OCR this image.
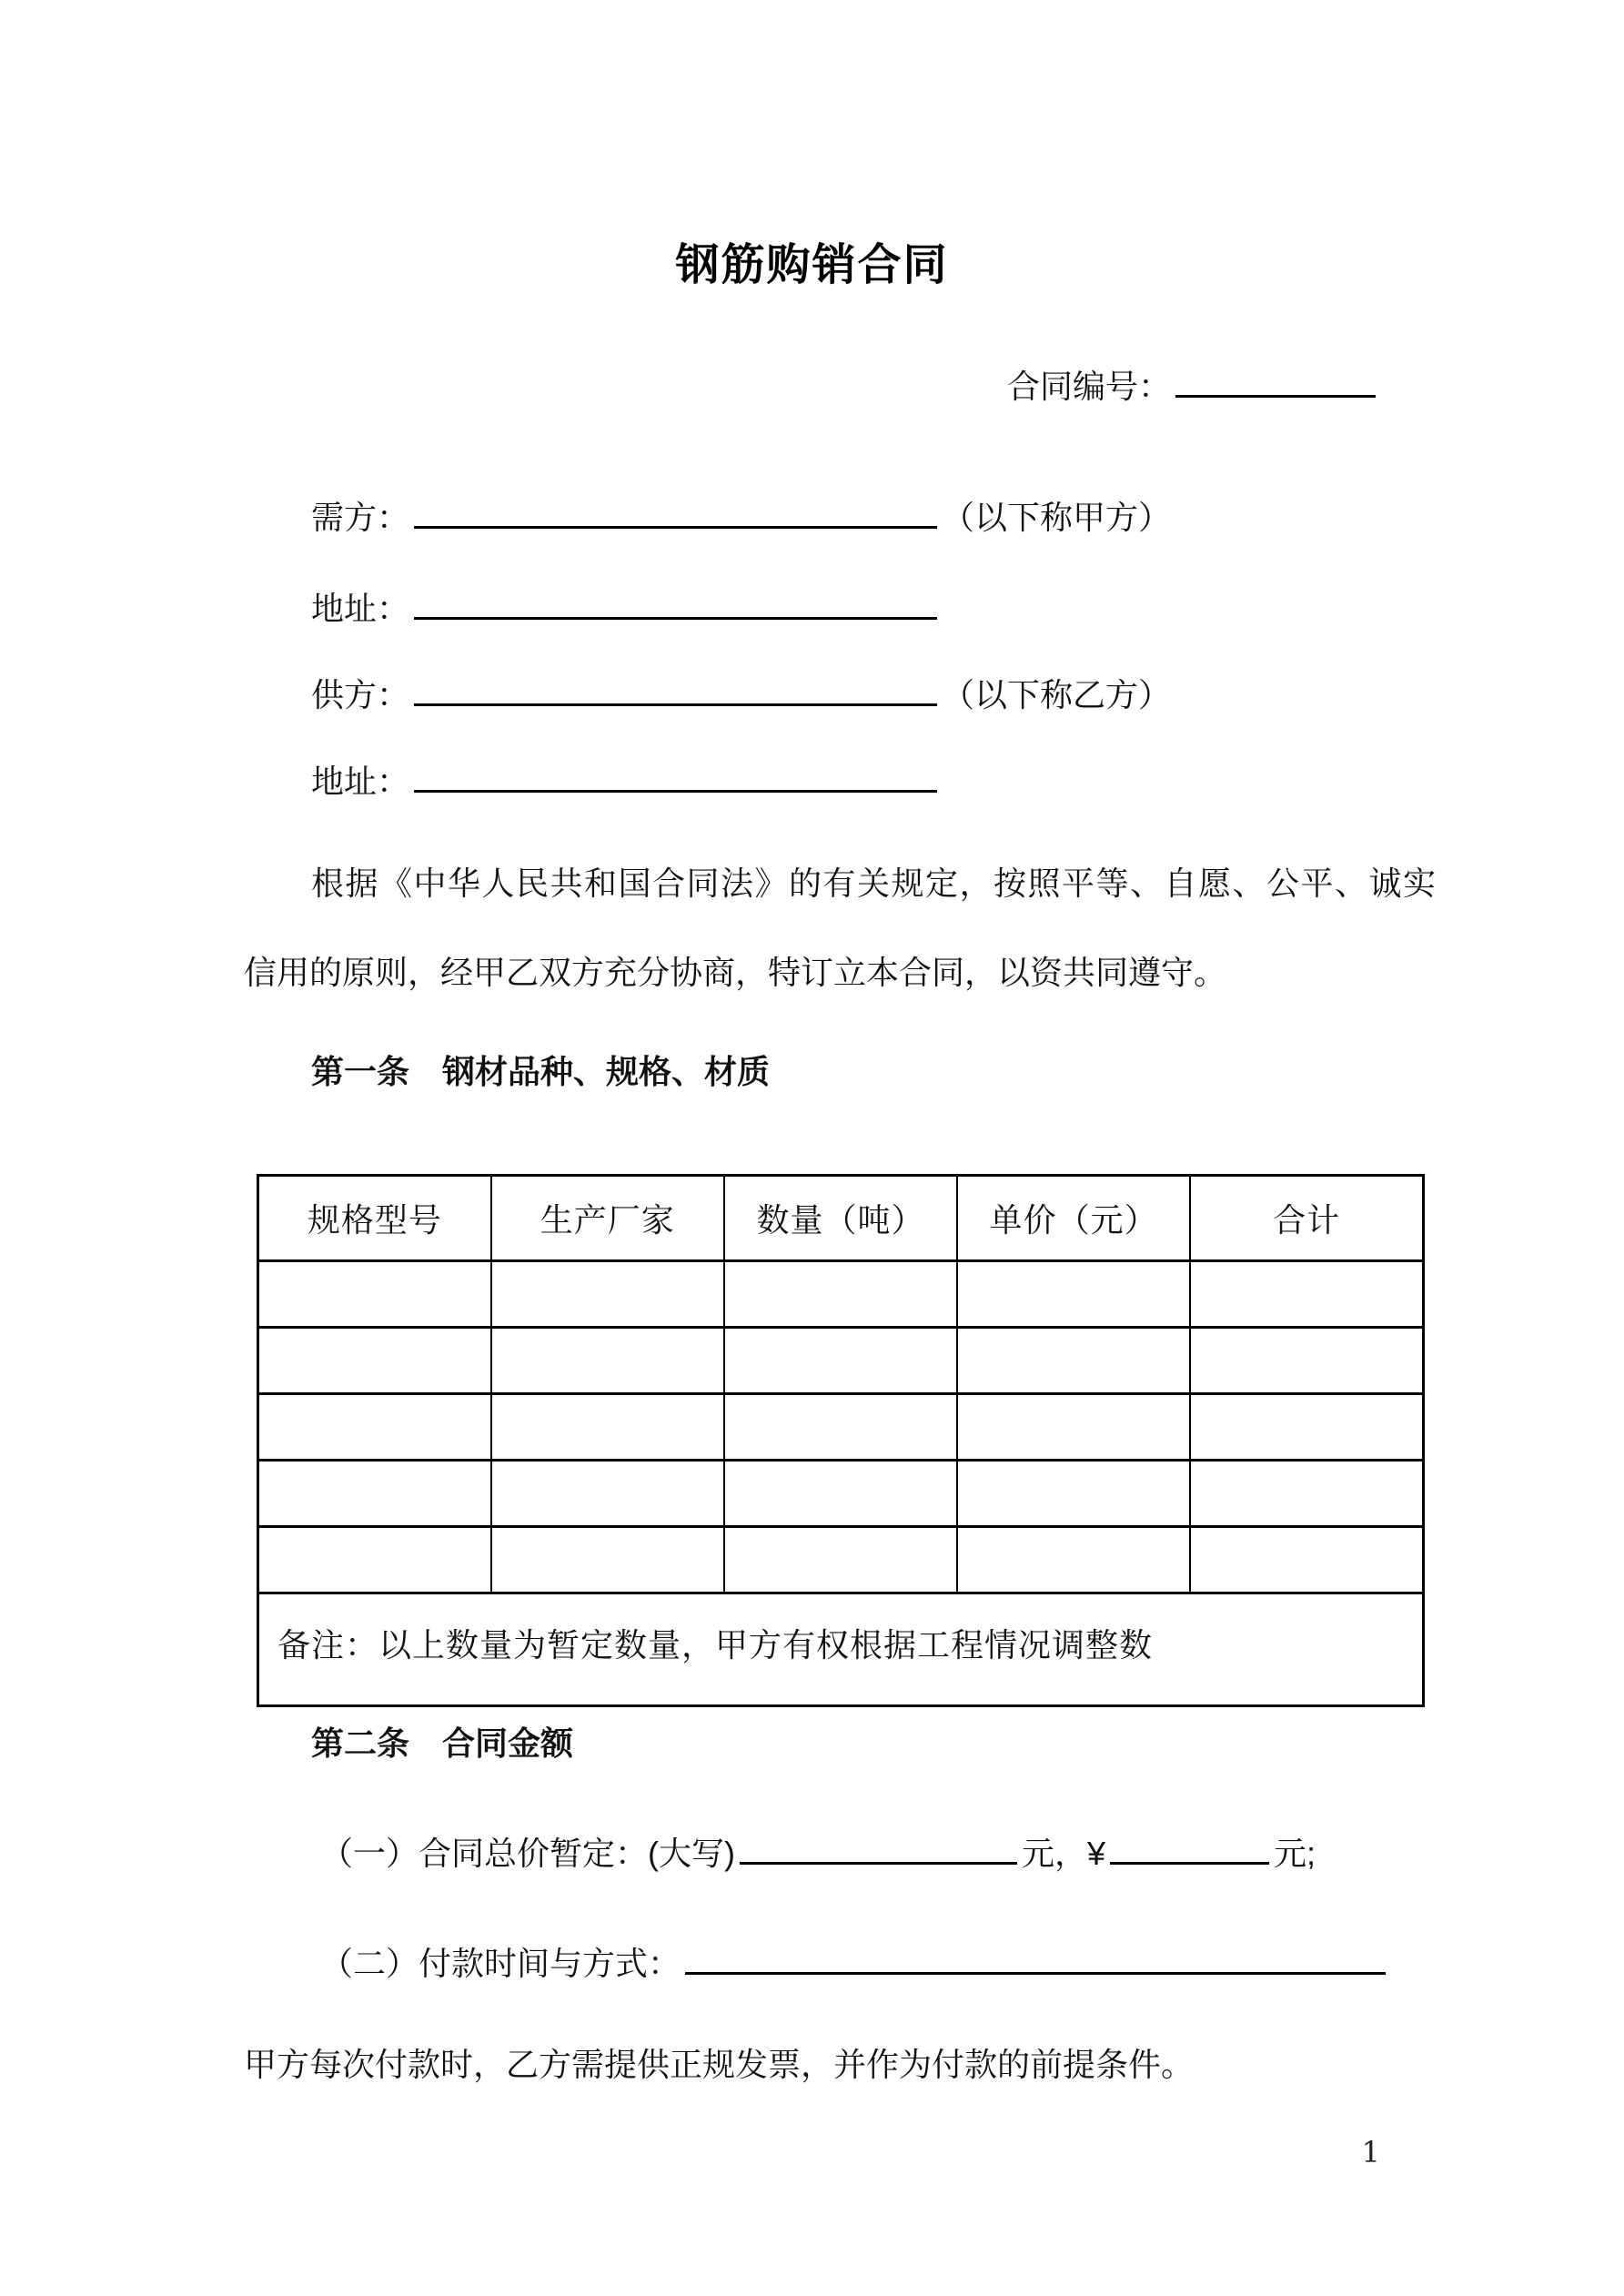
钢筋购销合同
合同编号：
需方：	（以下称甲方）
地址：
供方：	（以下称乙方）
地址：
根据《中华人民共和国合同法》的有关规定，按照平等、自愿、公平、诚实
信用的原则，经甲乙双方充分协商，特订立本合同，以资共同遵守。
第一条　钢材品种、规格、材质
规格型号	生产厂家	数量（吨）	单价（元）	合计

备注：以上数量为暂定数量，甲方有权根据工程情况调整数				
第二条　合同金额
（一）合同总价暂定：(大写)	元，¥	元;
（二）付款时间与方式：
甲方每次付款时，乙方需提供正规发票，并作为付款的前提条件。
1
